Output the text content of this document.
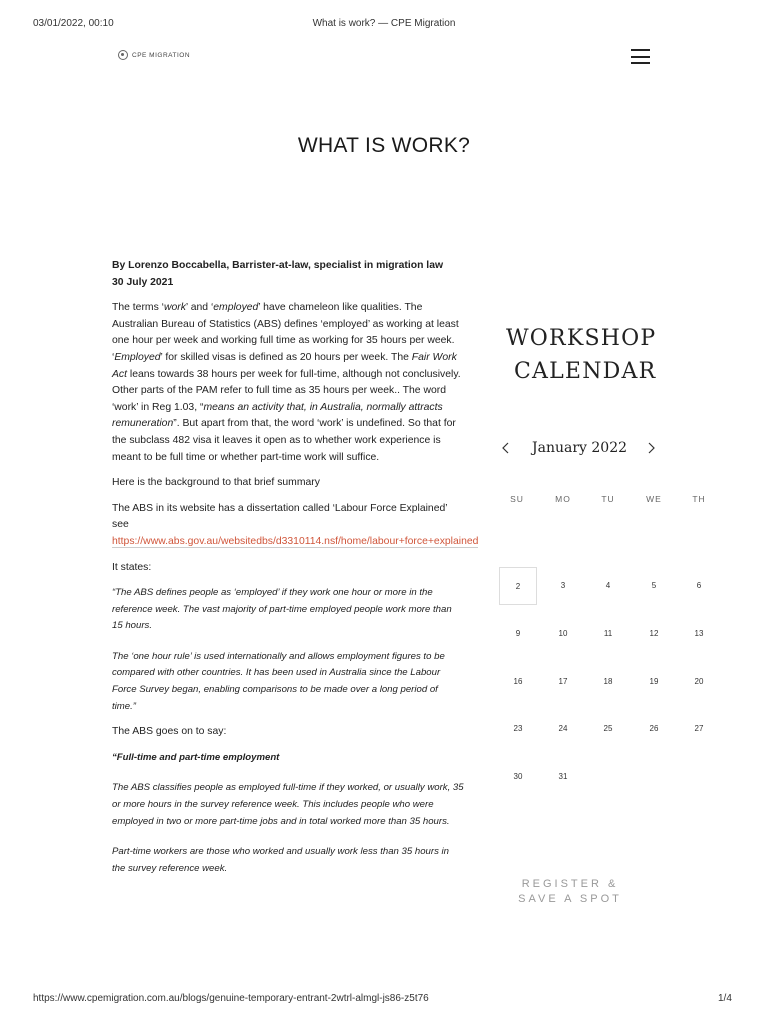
03/01/2022, 00:10	What is work? — CPE Migration
CPE MIGRATION
WHAT IS WORK?

By Lorenzo Boccabella, Barrister-at-law, specialist in migration law
30 July 2021

The terms ‘work’ and ‘employed’ have chameleon like qualities. The Australian Bureau of Statistics (ABS) defines ‘employed’ as working at least one hour per week and working full time as working for 35 hours per week. ‘Employed’ for skilled visas is defined as 20 hours per week. The Fair Work Act leans towards 38 hours per week for full-time, although not conclusively. Other parts of the PAM refer to full time as 35 hours per week.. The word ‘work’ in Reg 1.03, “means an activity that, in Australia, normally attracts remuneration”. But apart from that, the word ‘work’ is undefined. So that for the subclass 482 visa it leaves it open as to whether work experience is meant to be full time or whether part-time work will suffice.

Here is the background to that brief summary

The ABS in its website has a dissertation called ‘Labour Force Explained’ see
https://www.abs.gov.au/websitedbs/d3310114.nsf/home/labour+force+explained

It states:

“The ABS defines people as ‘employed’ if they work one hour or more in the reference week. The vast majority of part-time employed people work more than 15 hours.

The ‘one hour rule’ is used internationally and allows employment figures to be compared with other countries. It has been used in Australia since the Labour Force Survey began, enabling comparisons to be made over a long period of time.”

The ABS goes on to say:

“Full-time and part-time employment

The ABS classifies people as employed full-time if they worked, or usually work, 35 or more hours in the survey reference week. This includes people who were employed in two or more part-time jobs and in total worked more than 35 hours.

Part-time workers are those who worked and usually work less than 35 hours in the survey reference week.

WORKSHOP
CALENDAR
January 2022
SU	MO	TU	WE	TH
2	3	4	5	6
9	10	11	12	13
16	17	18	19	20
23	24	25	26	27
30	31
REGISTER &
SAVE A SPOT
https://www.cpemigration.com.au/blogs/genuine-temporary-entrant-2wtrl-almgl-js86-z5t76	1/4
